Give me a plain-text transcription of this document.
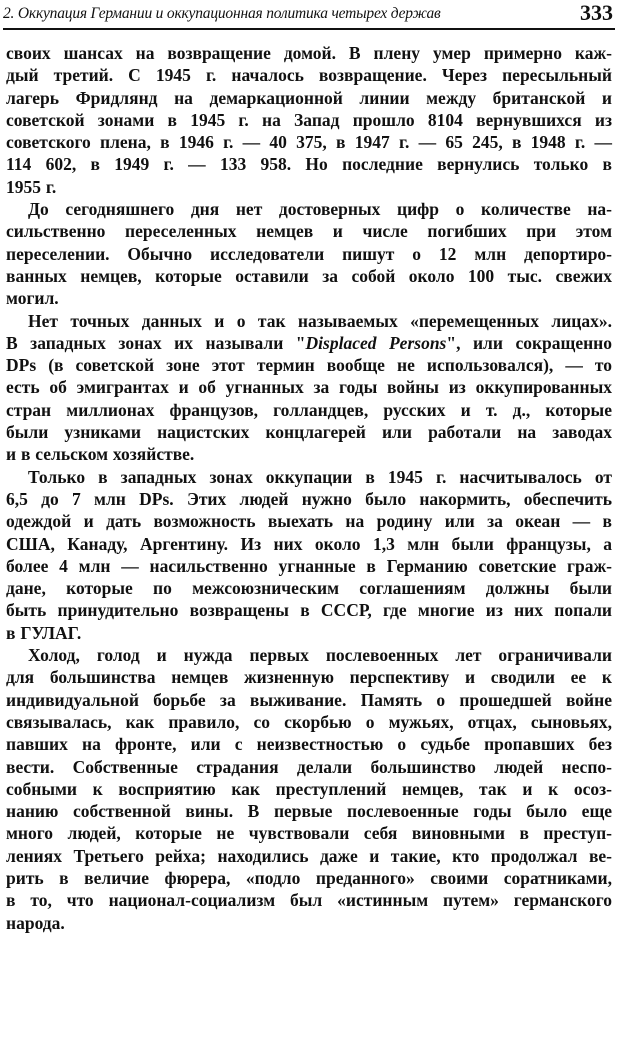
2. Оккупация Германии и оккупационная политика четырех держав	333
своих шансах на возвращение домой. В плену умер примерно каж-
дый третий. С 1945 г. началось возвращение. Через пересыльный
лагерь Фридлянд на демаркационной линии между британской и
советской зонами в 1945 г. на Запад прошло 8104 вернувшихся из
советского плена, в 1946 г. — 40 375, в 1947 г. — 65 245, в 1948 г. —
114 602, в 1949 г. — 133 958. Но последние вернулись только в
1955 г.
До сегодняшнего дня нет достоверных цифр о количестве на-
сильственно переселенных немцев и числе погибших при этом
переселении. Обычно исследователи пишут о 12 млн депортиро-
ванных немцев, которые оставили за собой около 100 тыс. свежих
могил.
Нет точных данных и о так называемых «перемещенных лицах».
В западных зонах их называли "Displaced Persons", или сокращенно
DPs (в советской зоне этот термин вообще не использовался), — то
есть об эмигрантах и об угнанных за годы войны из оккупированных
стран миллионах французов, голландцев, русских и т. д., которые
были узниками нацистских концлагерей или работали на заводах
и в сельском хозяйстве.
Только в западных зонах оккупации в 1945 г. насчитывалось от
6,5 до 7 млн DPs. Этих людей нужно было накормить, обеспечить
одеждой и дать возможность выехать на родину или за океан — в
США, Канаду, Аргентину. Из них около 1,3 млн были французы, а
более 4 млн — насильственно угнанные в Германию советские граж-
дане, которые по межсоюзническим соглашениям должны были
быть принудительно возвращены в СССР, где многие из них попали
в ГУЛАГ.
Холод, голод и нужда первых послевоенных лет ограничивали
для большинства немцев жизненную перспективу и сводили ее к
индивидуальной борьбе за выживание. Память о прошедшей войне
связывалась, как правило, со скорбью о мужьях, отцах, сыновьях,
павших на фронте, или с неизвестностью о судьбе пропавших без
вести. Собственные страдания делали большинство людей неспо-
собными к восприятию как преступлений немцев, так и к осоз-
нанию собственной вины. В первые послевоенные годы было еще
много людей, которые не чувствовали себя виновными в преступ-
лениях Третьего рейха; находились даже и такие, кто продолжал ве-
рить в величие фюрера, «подло преданного» своими соратниками,
в то, что национал-социализм был «истинным путем» германского
народа.
